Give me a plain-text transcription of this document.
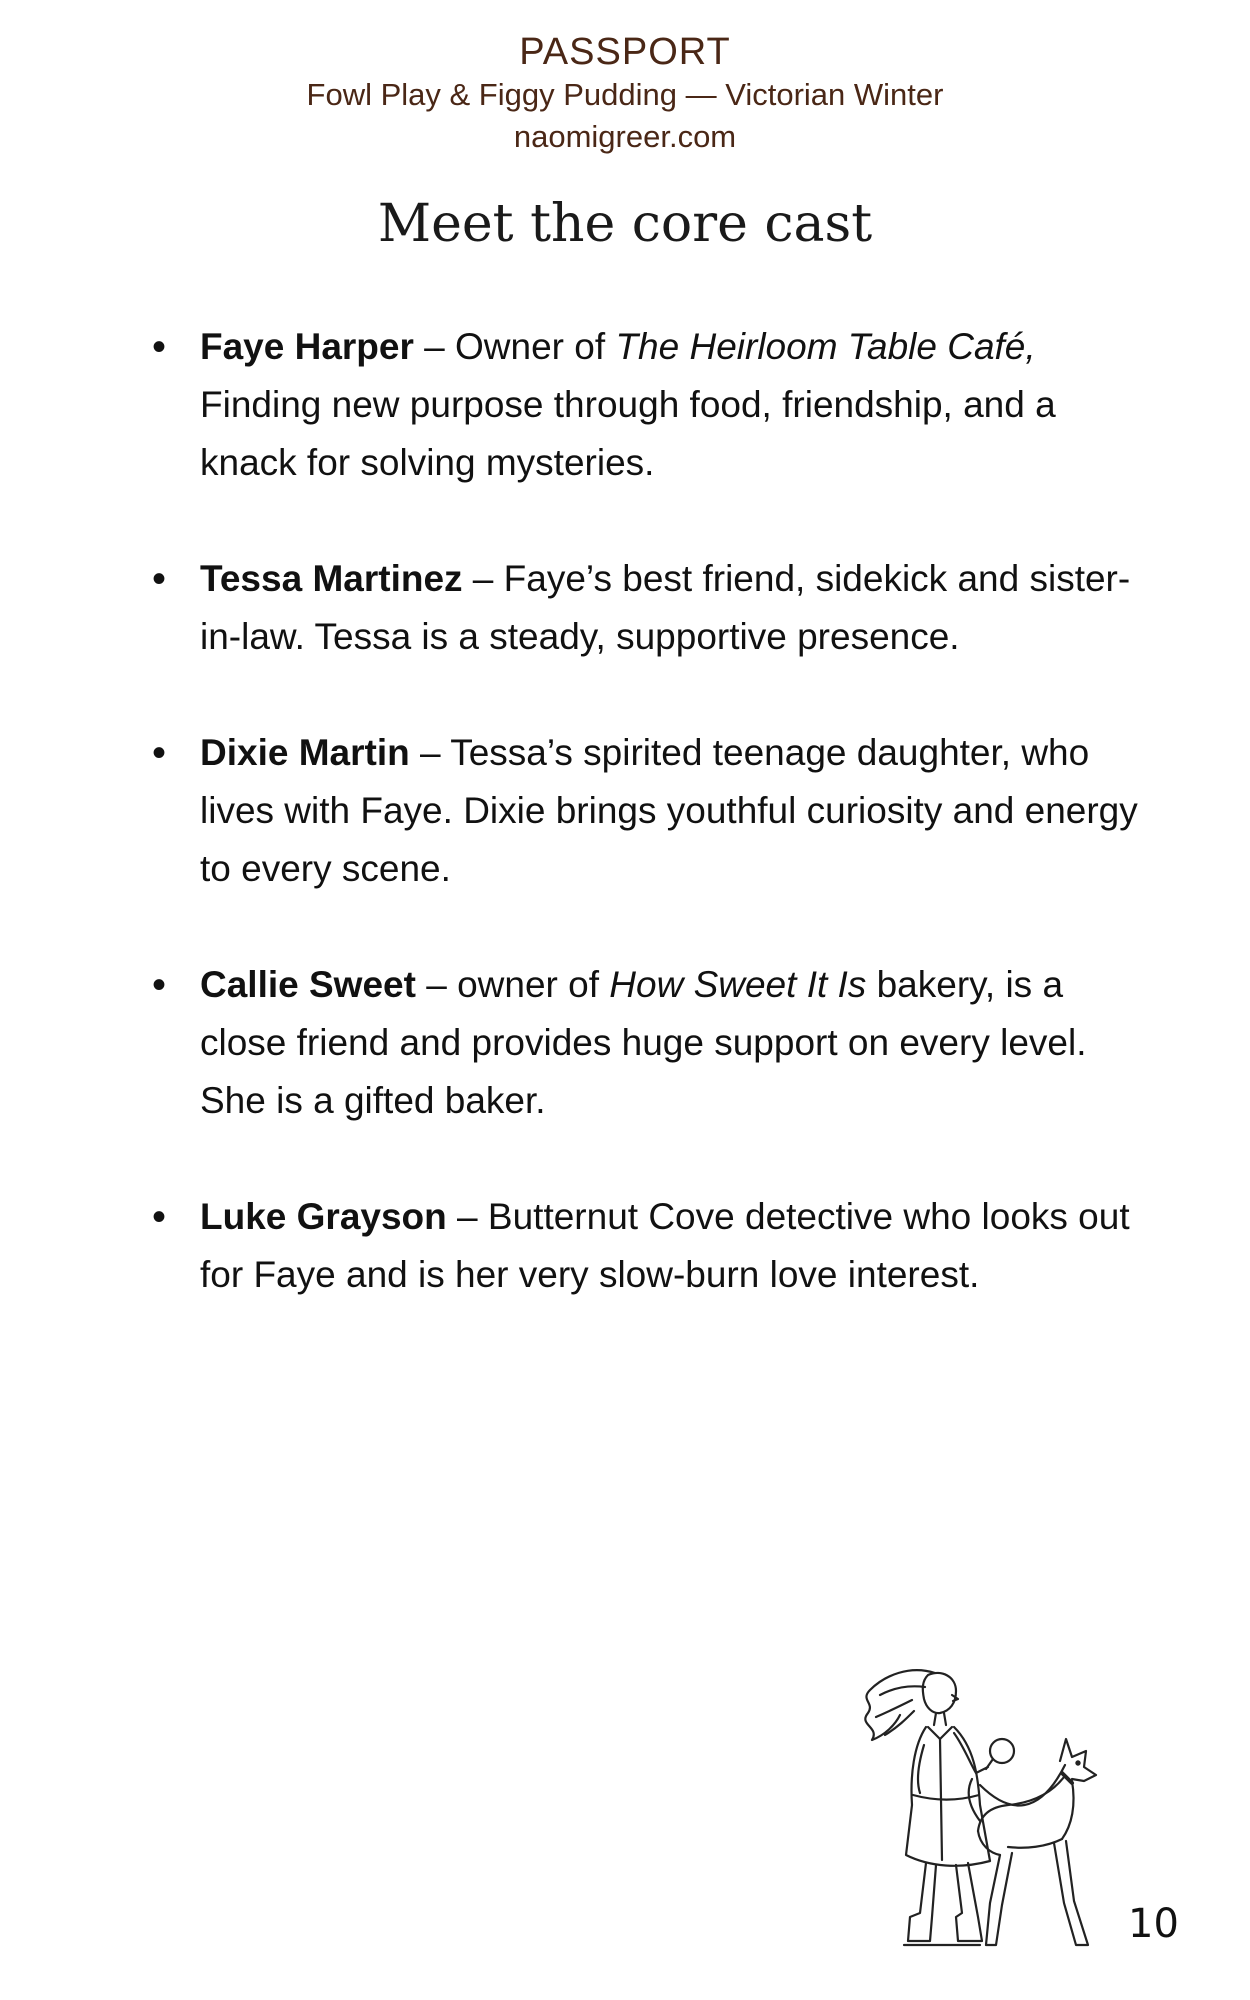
PASSPORT
Fowl Play & Figgy Pudding — Victorian Winter
naomigreer.com
Meet the core cast
• Faye Harper – Owner of The Heirloom Table Café, Finding new purpose through food, friendship, and a knack for solving mysteries.
• Tessa Martinez – Faye’s best friend, sidekick and sister-in-law. Tessa is a steady, supportive presence.
• Dixie Martin – Tessa’s spirited teenage daughter, who lives with Faye. Dixie brings youthful curiosity and energy to every scene.
• Callie Sweet – owner of How Sweet It Is bakery, is a close friend and provides huge support on every level. She is a gifted baker.
• Luke Grayson – Butternut Cove detective who looks out for Faye and is her very slow-burn love interest.
10
